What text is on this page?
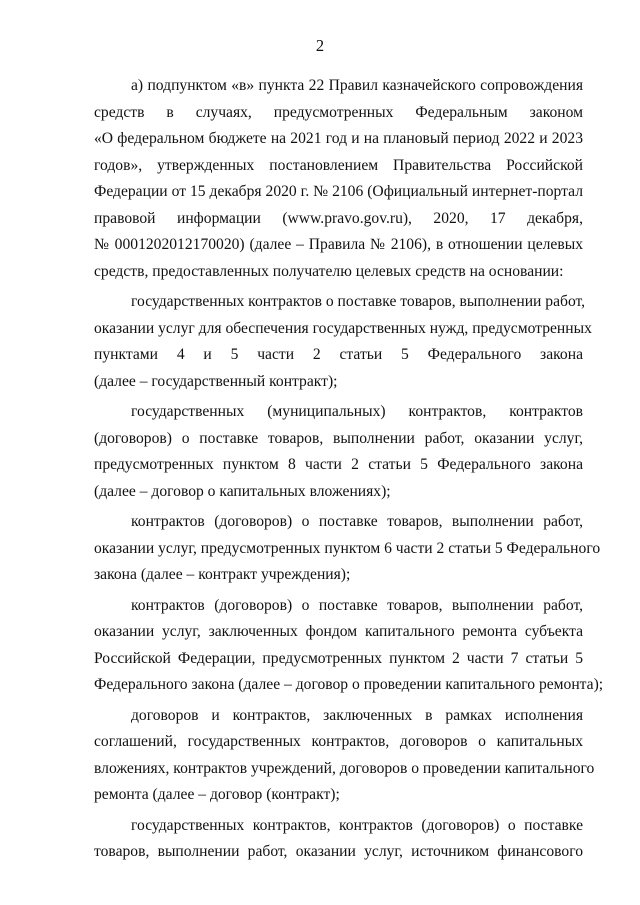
2

а) подпунктом «в» пункта 22 Правил казначейского сопровождения
средств в случаях, предусмотренных Федеральным законом
«О федеральном бюджете на 2021 год и на плановый период 2022 и 2023
годов», утвержденных постановлением Правительства Российской
Федерации от 15 декабря 2020 г. № 2106 (Официальный интернет-портал
правовой информации (www.pravo.gov.ru), 2020, 17 декабря,
№ 0001202012170020) (далее – Правила № 2106), в отношении целевых
средств, предоставленных получателю целевых средств на основании:

государственных контрактов о поставке товаров, выполнении работ,
оказании услуг для обеспечения государственных нужд, предусмотренных
пунктами 4 и 5 части 2 статьи 5 Федерального закона
(далее – государственный контракт);

государственных (муниципальных) контрактов, контрактов
(договоров) о поставке товаров, выполнении работ, оказании услуг,
предусмотренных пунктом 8 части 2 статьи 5 Федерального закона
(далее – договор о капитальных вложениях);

контрактов (договоров) о поставке товаров, выполнении работ,
оказании услуг, предусмотренных пунктом 6 части 2 статьи 5 Федерального
закона (далее – контракт учреждения);

контрактов (договоров) о поставке товаров, выполнении работ,
оказании услуг, заключенных фондом капитального ремонта субъекта
Российской Федерации, предусмотренных пунктом 2 части 7 статьи 5
Федерального закона (далее – договор о проведении капитального ремонта);

договоров и контрактов, заключенных в рамках исполнения
соглашений, государственных контрактов, договоров о капитальных
вложениях, контрактов учреждений, договоров о проведении капитального
ремонта (далее – договор (контракт);

государственных контрактов, контрактов (договоров) о поставке
товаров, выполнении работ, оказании услуг, источником финансового
